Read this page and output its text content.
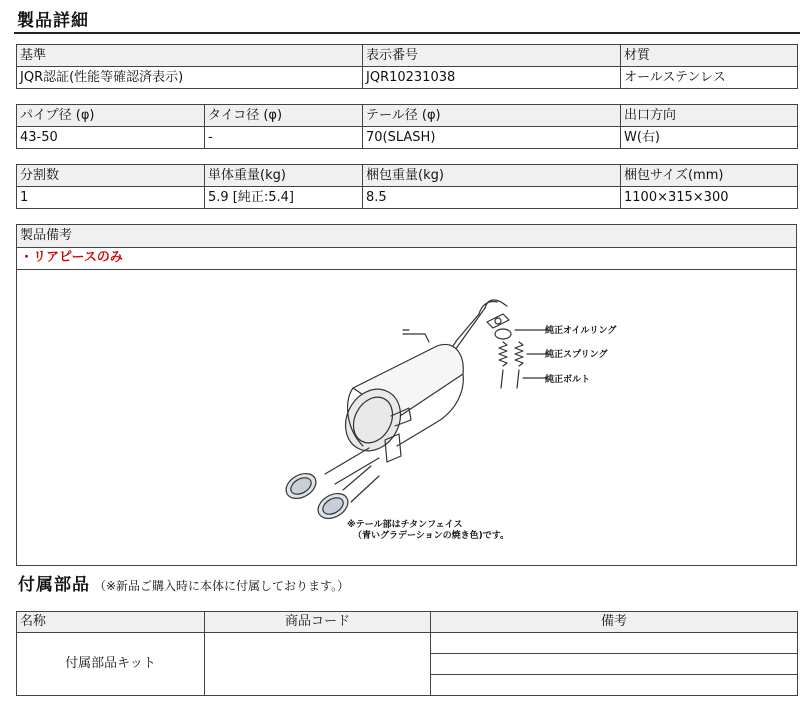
製品詳細
基準	表示番号	材質
JQR認証(性能等確認済表示)	JQR10231038	オールステンレス
パイプ径 (φ)	タイコ径 (φ)	テール径 (φ)	出口方向
43-50	-	70(SLASH)	W(右)
分割数	単体重量(kg)	梱包重量(kg)	梱包サイズ(mm)
1	5.9 [純正:5.4]	8.5	1100×315×300
製品備考
・リアピースのみ
純正オイルリング
純正スプリング
純正ボルト
※テール部はチタンフェイス
（青いグラデーションの焼き色)です。
付属部品 （※新品ご購入時に本体に付属しております。）
名称	商品コード	備考
付属部品キット		
